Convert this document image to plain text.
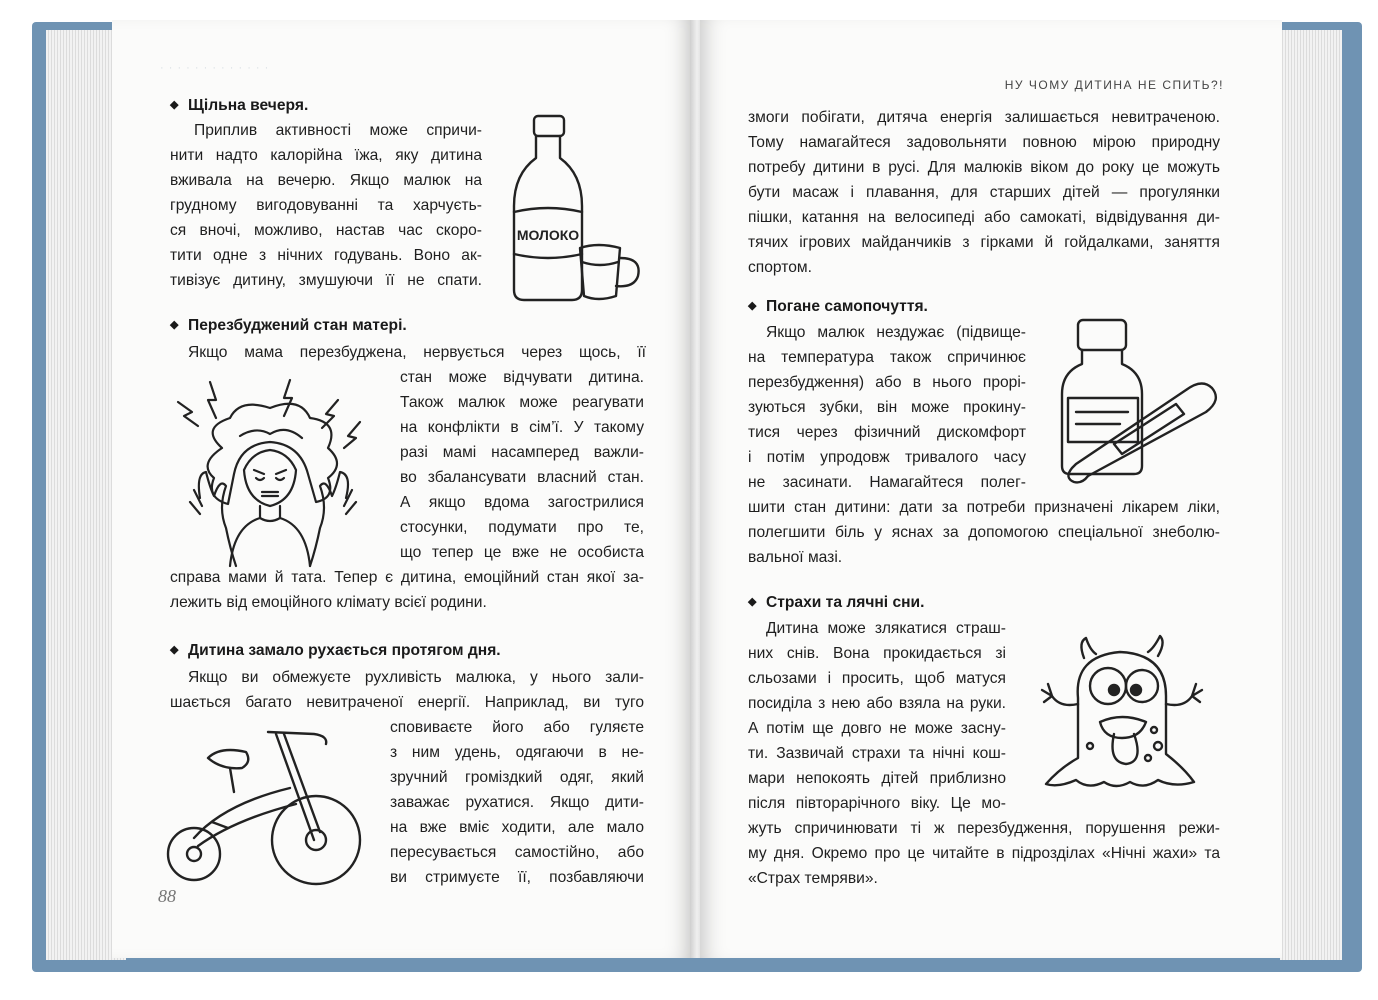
· · · · · · · · · · · · ·

◆ Щільна вечеря.

Приплив активності може спричи-

нити надто калорійна їжа, яку дитина

вживала на вечерю. Якщо малюк на

грудному вигодовуванні та харчуєть-

ся вночі, можливо, настав час скоро-

тити одне з нічних годувань. Воно ак-

тивізує дитину, змушуючи її не спати.

МОЛОКО

◆ Перезбуджений стан матері.

Якщо мама перезбуджена, нервується через щось, її

стан може відчувати дитина.

Також малюк може реагувати

на конфлікти в сім’ї. У такому

разі мамі насамперед важли-

во збалансувати власний стан.

А якщо вдома загострилися

стосунки, подумати про те,

що тепер це вже не особиста

справа мами й тата. Тепер є дитина, емоційний стан якої за-

лежить від емоційного клімату всієї родини.

◆ Дитина замало рухається протягом дня.

Якщо ви обмежуєте рухливість малюка, у нього зали-

шається багато невитраченої енергії. Наприклад, ви туго

сповиваєте його або гуляєте

з ним удень, одягаючи в не-

зручний громіздкий одяг, який

заважає рухатися. Якщо дити-

на вже вміє ходити, але мало

пересувається самостійно, або

ви стримуєте її, позбавляючи

88
НУ ЧОМУ ДИТИНА НЕ СПИТЬ?!

змоги побігати, дитяча енергія залишається невитраченою.

Тому намагайтеся задовольняти повною мірою природну

потребу дитини в русі. Для малюків віком до року це можуть

бути масаж і плавання, для старших дітей — прогулянки

пішки, катання на велосипеді або самокаті, відвідування ди-

тячих ігрових майданчиків з гірками й гойдалками, заняття

спортом.

◆ Погане самопочуття.

Якщо малюк нездужає (підвище-

на температура також спричинює

перезбудження) або в нього прорі-

зуються зубки, він може прокину-

тися через фізичний дискомфорт

і потім упродовж тривалого часу

не засинати. Намагайтеся полег-

шити стан дитини: дати за потреби призначені лікарем ліки,

полегшити біль у яснах за допомогою спеціальної знеболю-

вальної мазі.

◆ Страхи та лячні сни.

Дитина може злякатися страш-

них снів. Вона прокидається зі

сльозами і просить, щоб матуся

посиділа з нею або взяла на руки.

А потім ще довго не може засну-

ти. Зазвичай страхи та нічні кош-

мари непокоять дітей приблизно

після півторарічного віку. Це мо-

жуть спричинювати ті ж перезбудження, порушення режи-

му дня. Окремо про це читайте в підрозділах «Нічні жахи» та

«Страх темряви».
